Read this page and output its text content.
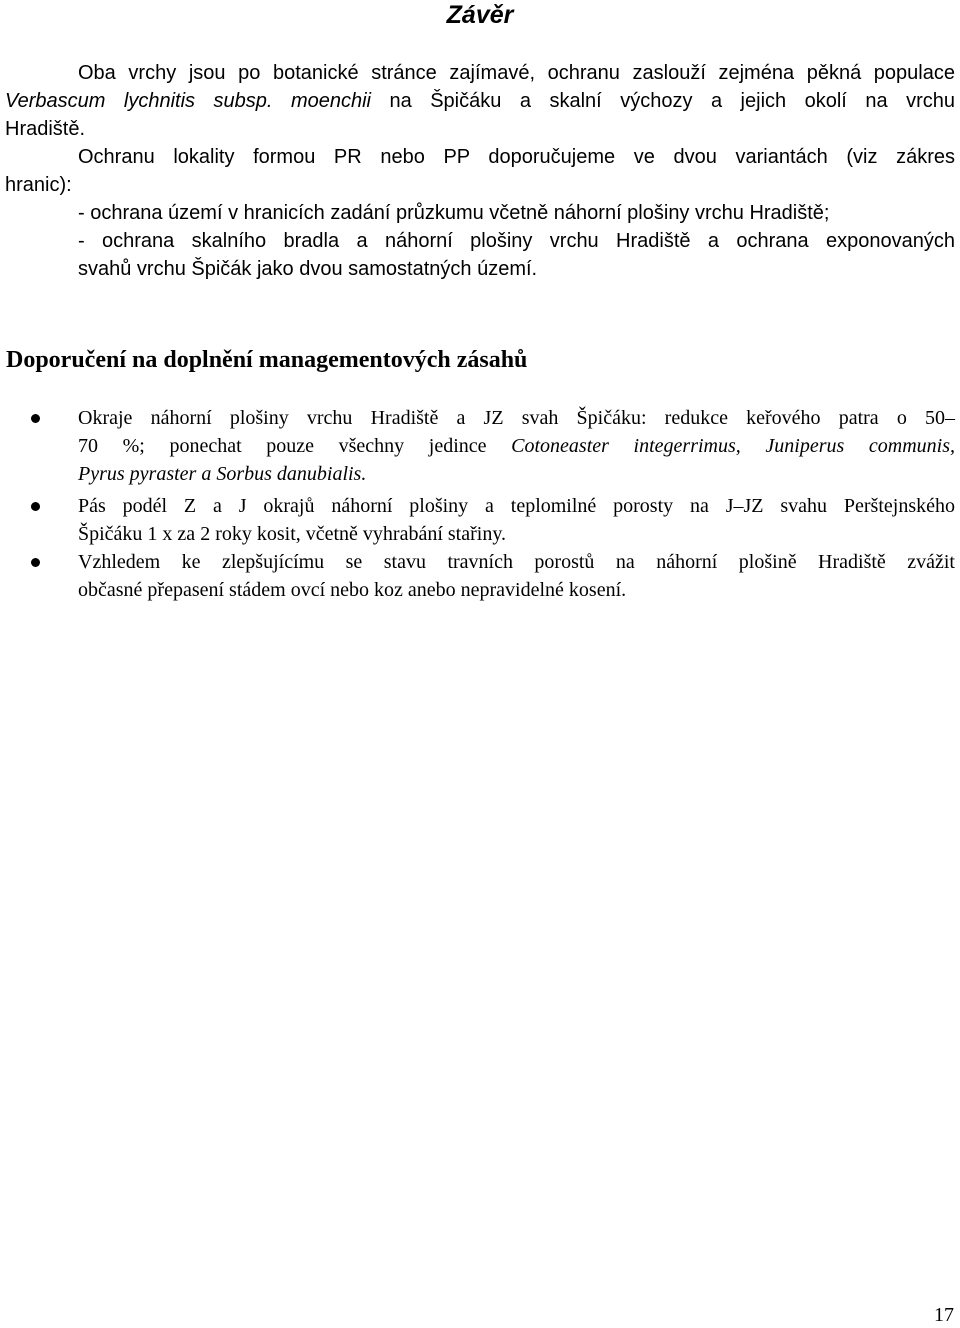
Závěr
Oba vrchy jsou po botanické stránce zajímavé, ochranu zaslouží zejména pěkná populace
Verbascum lychnitis subsp. moenchii na Špičáku a skalní výchozy a jejich okolí na vrchu
Hradiště.
Ochranu lokality formou PR nebo PP doporučujeme ve dvou variantách (viz zákres
hranic):
- ochrana území v hranicích zadání průzkumu včetně náhorní plošiny vrchu Hradiště;
- ochrana skalního bradla a náhorní plošiny vrchu Hradiště a ochrana exponovaných
svahů vrchu Špičák jako dvou samostatných území.
Doporučení na doplnění managementových zásahů
Okraje náhorní plošiny vrchu Hradiště a JZ svah Špičáku: redukce keřového patra o 50–
70 %; ponechat pouze všechny jedince Cotoneaster integerrimus, Juniperus communis,
Pyrus pyraster a Sorbus danubialis.
Pás podél Z a J okrajů náhorní plošiny a teplomilné porosty na J–JZ svahu Perštejnského
Špičáku 1 x za 2 roky kosit, včetně vyhrabání stařiny.
Vzhledem ke zlepšujícímu se stavu travních porostů na náhorní plošině Hradiště zvážit
občasné přepasení stádem ovcí nebo koz anebo nepravidelné kosení.
17
